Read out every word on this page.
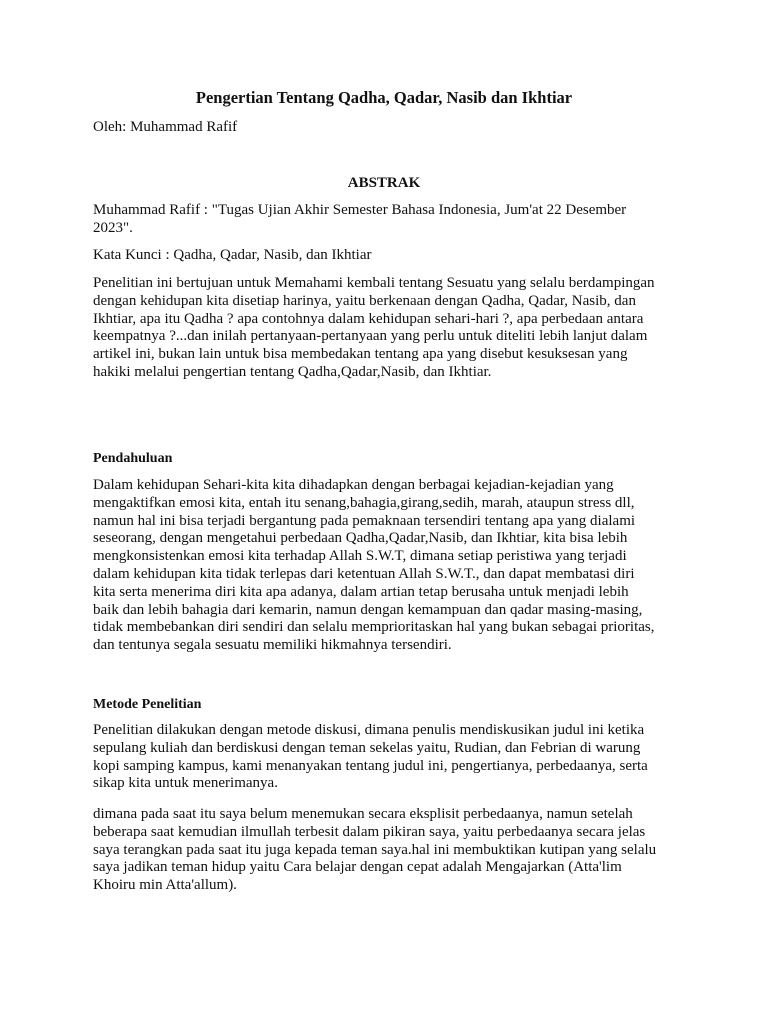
Pengertian Tentang Qadha, Qadar, Nasib dan Ikhtiar

Oleh: Muhammad Rafif

ABSTRAK

Muhammad Rafif : "Tugas Ujian Akhir Semester Bahasa Indonesia, Jum'at 22 Desember
2023".

Kata Kunci : Qadha, Qadar, Nasib, dan Ikhtiar

Penelitian ini bertujuan untuk Memahami kembali tentang Sesuatu yang selalu berdampingan
dengan kehidupan kita disetiap harinya, yaitu berkenaan dengan Qadha, Qadar, Nasib, dan
Ikhtiar, apa itu Qadha ? apa contohnya dalam kehidupan sehari-hari ?, apa perbedaan antara
keempatnya ?...dan inilah pertanyaan-pertanyaan yang perlu untuk diteliti lebih lanjut dalam
artikel ini, bukan lain untuk bisa membedakan tentang apa yang disebut kesuksesan yang
hakiki melalui pengertian tentang Qadha,Qadar,Nasib, dan Ikhtiar.

Pendahuluan

Dalam kehidupan Sehari-kita kita dihadapkan dengan berbagai kejadian-kejadian yang
mengaktifkan emosi kita, entah itu senang,bahagia,girang,sedih, marah, ataupun stress dll,
namun hal ini bisa terjadi bergantung pada pemaknaan tersendiri tentang apa yang dialami
seseorang, dengan mengetahui perbedaan Qadha,Qadar,Nasib, dan Ikhtiar, kita bisa lebih
mengkonsistenkan emosi kita terhadap Allah S.W.T, dimana setiap peristiwa yang terjadi
dalam kehidupan kita tidak terlepas dari ketentuan Allah S.W.T., dan dapat membatasi diri
kita serta menerima diri kita apa adanya, dalam artian tetap berusaha untuk menjadi lebih
baik dan lebih bahagia dari kemarin, namun dengan kemampuan dan qadar masing-masing,
tidak membebankan diri sendiri dan selalu memprioritaskan hal yang bukan sebagai prioritas,
dan tentunya segala sesuatu memiliki hikmahnya tersendiri.

Metode Penelitian

Penelitian dilakukan dengan metode diskusi, dimana penulis mendiskusikan judul ini ketika
sepulang kuliah dan berdiskusi dengan teman sekelas yaitu, Rudian, dan Febrian di warung
kopi samping kampus, kami menanyakan tentang judul ini, pengertianya, perbedaanya, serta
sikap kita untuk menerimanya.

dimana pada saat itu saya belum menemukan secara eksplisit perbedaanya, namun setelah
beberapa saat kemudian ilmullah terbesit dalam pikiran saya, yaitu perbedaanya secara jelas
saya terangkan pada saat itu juga kepada teman saya.hal ini membuktikan kutipan yang selalu
saya jadikan teman hidup yaitu Cara belajar dengan cepat adalah Mengajarkan (Atta'lim
Khoiru min Atta'allum).
